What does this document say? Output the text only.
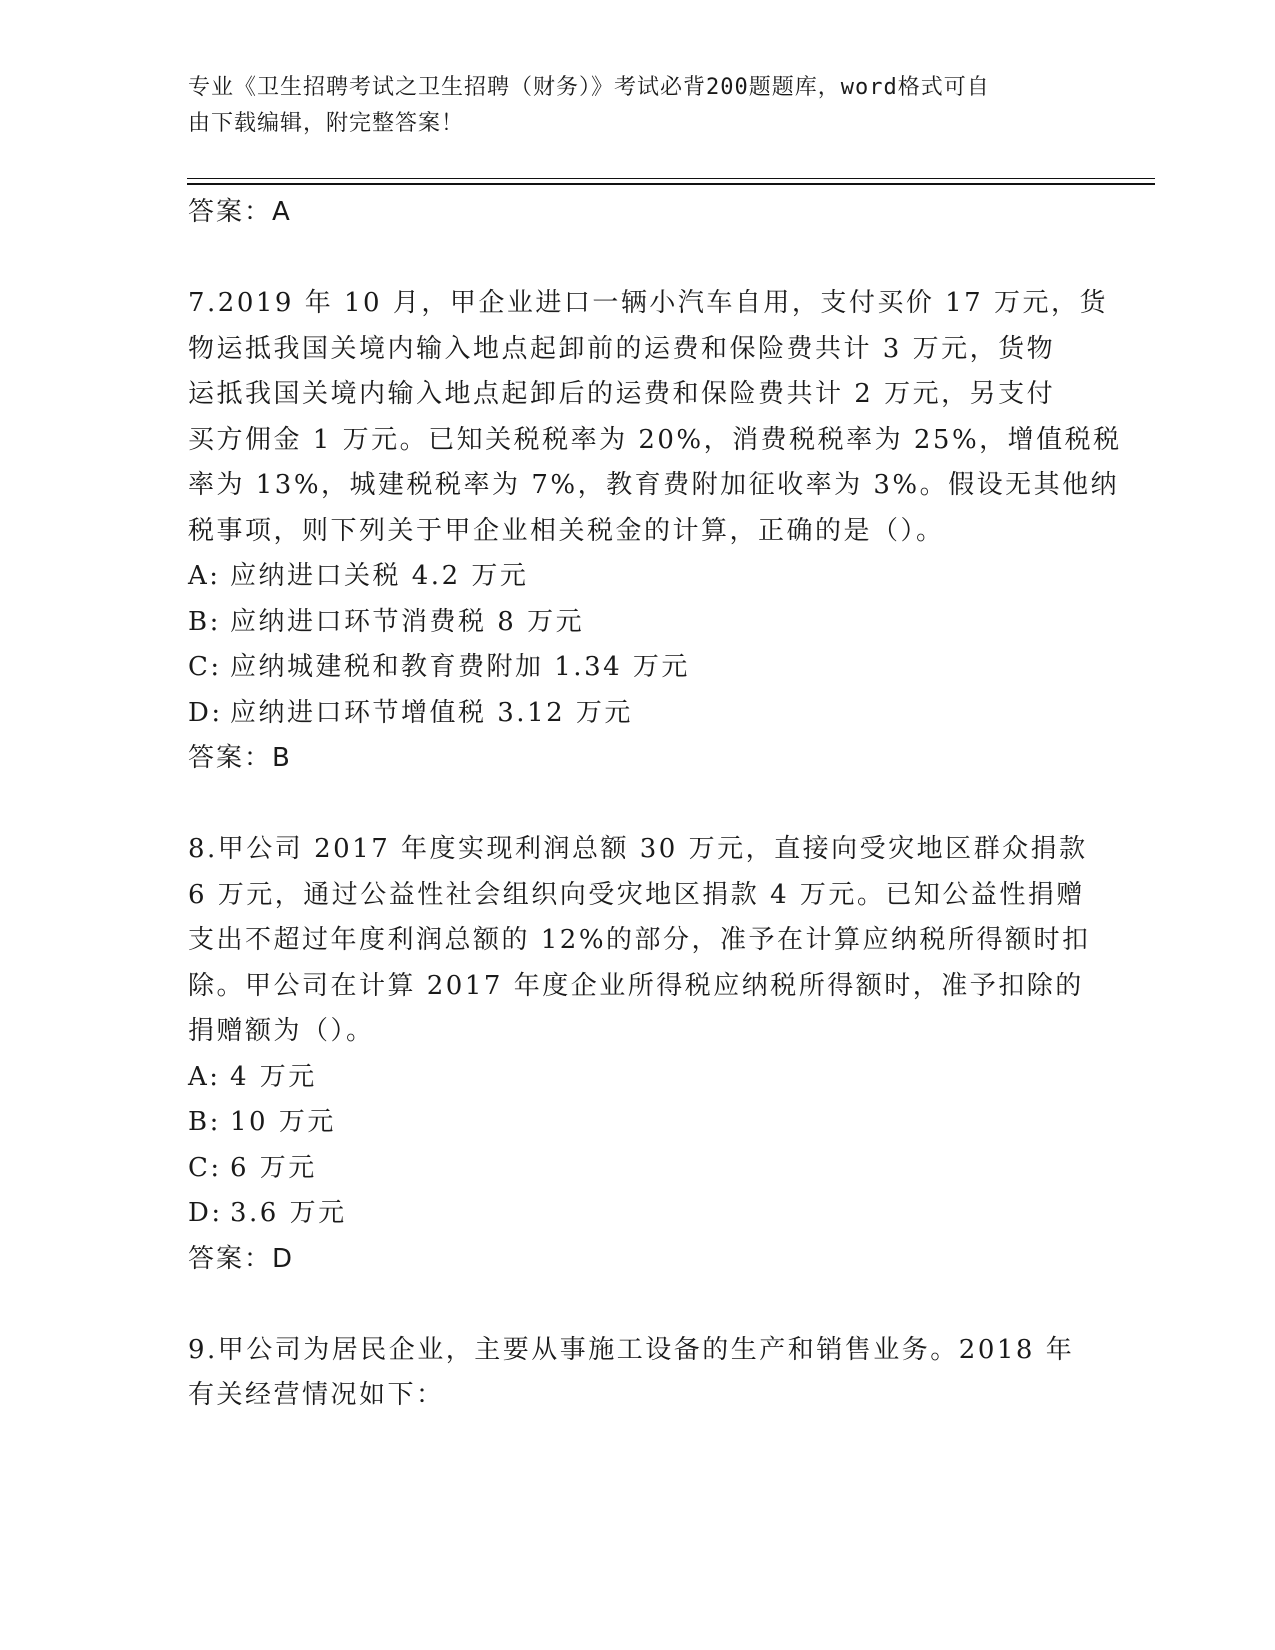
专业《卫生招聘考试之卫生招聘（财务）》考试必背200题题库，word格式可自
由下载编辑，附完整答案！

答案：A

7.2019 年 10 月，甲企业进口一辆小汽车自用，支付买价 17 万元，货

物运抵我国关境内输入地点起卸前的运费和保险费共计 3 万元，货物

运抵我国关境内输入地点起卸后的运费和保险费共计 2 万元，另支付

买方佣金 1 万元。已知关税税率为 20%，消费税税率为 25%，增值税税

率为 13%，城建税税率为 7%，教育费附加征收率为 3%。假设无其他纳

税事项，则下列关于甲企业相关税金的计算，正确的是（）。

A: 应纳进口关税 4.2 万元

B: 应纳进口环节消费税 8 万元

C: 应纳城建税和教育费附加 1.34 万元

D: 应纳进口环节增值税 3.12 万元

答案：B

8.甲公司 2017 年度实现利润总额 30 万元，直接向受灾地区群众捐款

6 万元，通过公益性社会组织向受灾地区捐款 4 万元。已知公益性捐赠

支出不超过年度利润总额的 12%的部分，准予在计算应纳税所得额时扣

除。甲公司在计算 2017 年度企业所得税应纳税所得额时，准予扣除的

捐赠额为（）。

A: 4 万元

B: 10 万元

C: 6 万元

D: 3.6 万元

答案：D

9.甲公司为居民企业，主要从事施工设备的生产和销售业务。2018 年

有关经营情况如下：
